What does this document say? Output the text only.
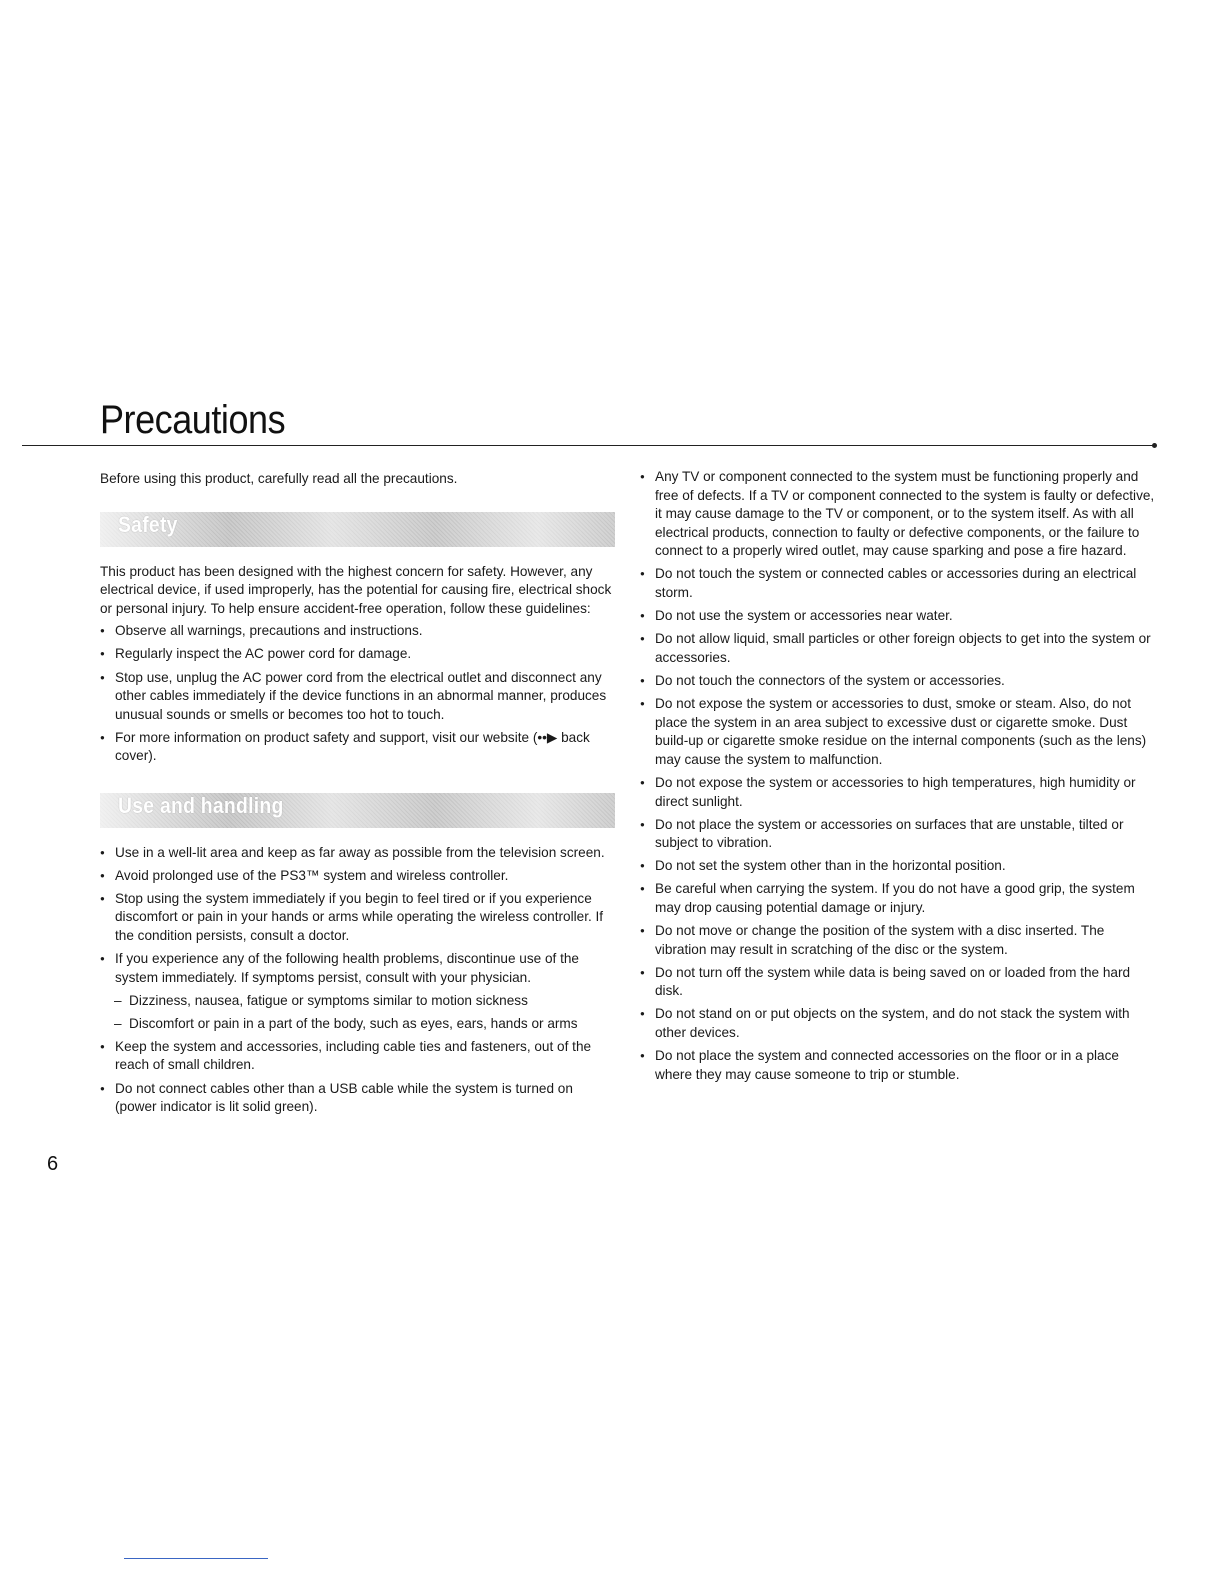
Precautions

Before using this product, carefully read all the precautions.

Safety

This product has been designed with the highest concern for safety. However, any electrical device, if used improperly, has the potential for causing fire, electrical shock or personal injury. To help ensure accident-free operation, follow these guidelines:

● Observe all warnings, precautions and instructions.
● Regularly inspect the AC power cord for damage.
● Stop use, unplug the AC power cord from the electrical outlet and disconnect any other cables immediately if the device functions in an abnormal manner, produces unusual sounds or smells or becomes too hot to touch.
● For more information on product safety and support, visit our website (••▶ back cover).
Use and handling
● Use in a well-lit area and keep as far away as possible from the television screen.
● Avoid prolonged use of the PS3™ system and wireless controller.
● Stop using the system immediately if you begin to feel tired or if you experience discomfort or pain in your hands or arms while operating the wireless controller. If the condition persists, consult a doctor.
● If you experience any of the following health problems, discontinue use of the system immediately. If symptoms persist, consult with your physician.
– Dizziness, nausea, fatigue or symptoms similar to motion sickness
– Discomfort or pain in a part of the body, such as eyes, ears, hands or arms
● Keep the system and accessories, including cable ties and fasteners, out of the reach of small children.
● Do not connect cables other than a USB cable while the system is turned on (power indicator is lit solid green).
● Any TV or component connected to the system must be functioning properly and free of defects. If a TV or component connected to the system is faulty or defective, it may cause damage to the TV or component, or to the system itself. As with all electrical products, connection to faulty or defective components, or the failure to connect to a properly wired outlet, may cause sparking and pose a fire hazard.
● Do not touch the system or connected cables or accessories during an electrical storm.
● Do not use the system or accessories near water.
● Do not allow liquid, small particles or other foreign objects to get into the system or accessories.
● Do not touch the connectors of the system or accessories.
● Do not expose the system or accessories to dust, smoke or steam. Also, do not place the system in an area subject to excessive dust or cigarette smoke. Dust build-up or cigarette smoke residue on the internal components (such as the lens) may cause the system to malfunction.
● Do not expose the system or accessories to high temperatures, high humidity or direct sunlight.
● Do not place the system or accessories on surfaces that are unstable, tilted or subject to vibration.
● Do not set the system other than in the horizontal position.
● Be careful when carrying the system. If you do not have a good grip, the system may drop causing potential damage or injury.
● Do not move or change the position of the system with a disc inserted. The vibration may result in scratching of the disc or the system.
● Do not turn off the system while data is being saved on or loaded from the hard disk.
● Do not stand on or put objects on the system, and do not stack the system with other devices.
● Do not place the system and connected accessories on the floor or in a place where they may cause someone to trip or stumble.
6
